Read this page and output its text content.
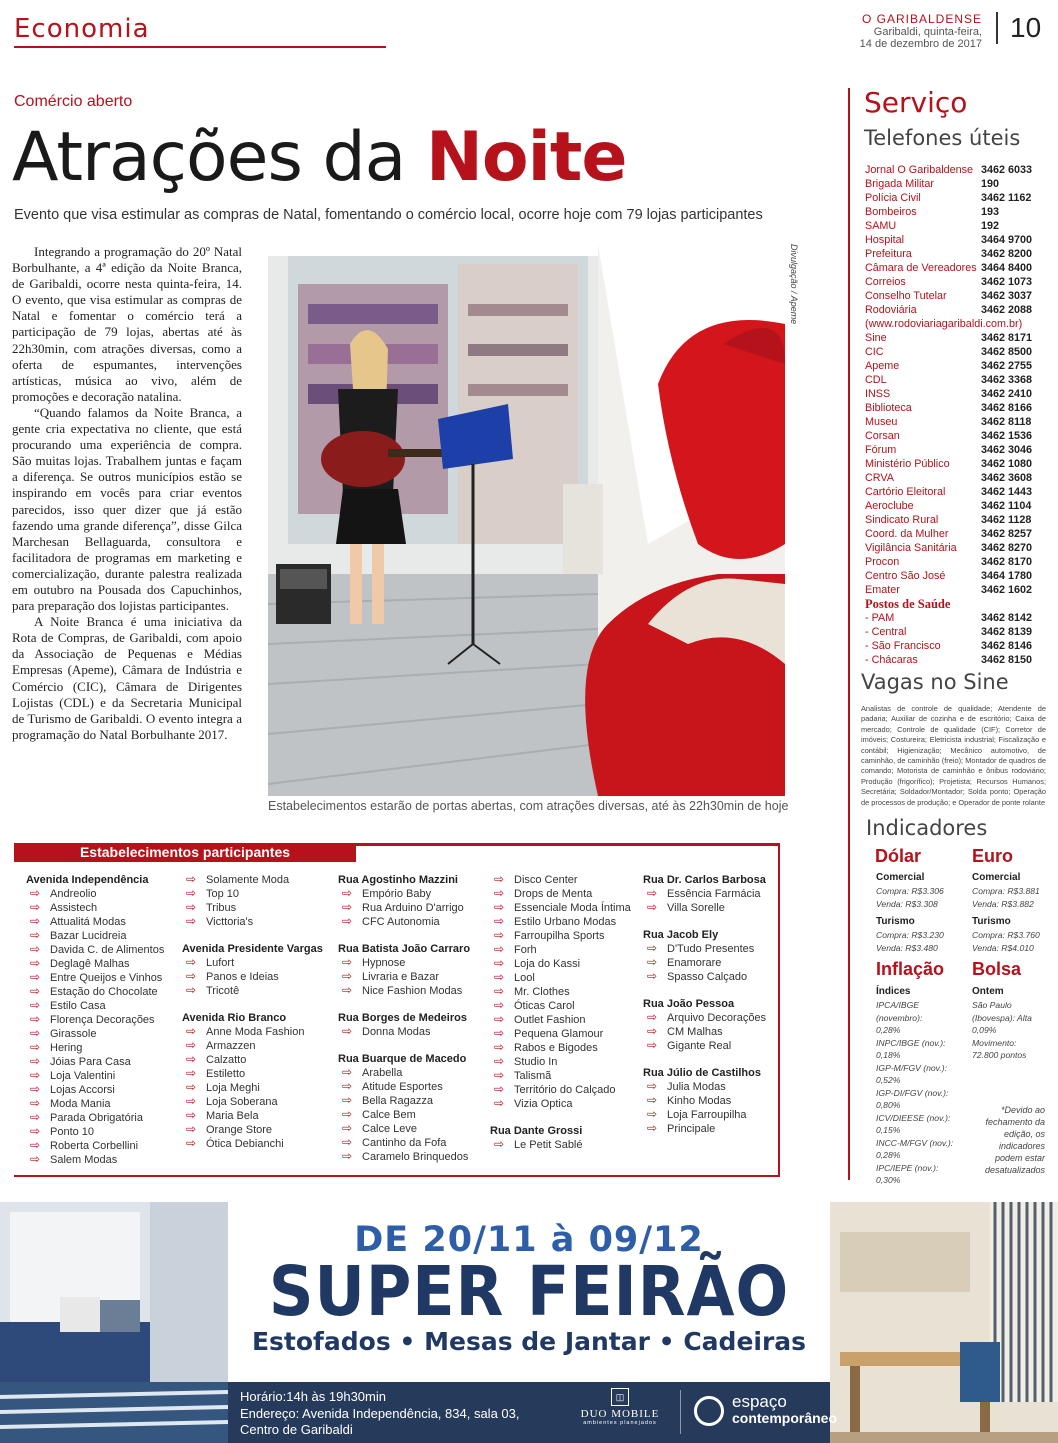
Economia	O GARIBALDENSE
Garibaldi, quinta-feira,
14 de dezembro de 2017
10
Comércio aberto
Atrações da Noite
Evento que visa estimular as compras de Natal, fomentando o comércio local, ocorre hoje com 79 lojas participantes

Integrando a programação do 20º Natal Borbulhante, a 4ª edição da Noite Branca, de Garibaldi, ocorre nesta quinta-feira, 14. O evento, que visa estimular as compras de Natal e fomentar o comércio terá a participação de 79 lojas, abertas até às 22h30min, com atrações diversas, como a oferta de espumantes, intervenções artísticas, música ao vivo, além de promoções e decoração natalina.

“Quando falamos da Noite Branca, a gente cria expectativa no cliente, que está procurando uma experiência de compra. São muitas lojas. Trabalhem juntas e façam a diferença. Se outros municípios estão se inspirando em vocês para criar eventos parecidos, isso quer dizer que já estão fazendo uma grande diferença”, disse Gilca Marchesan Bellaguarda, consultora e facilitadora de programas em marketing e comercialização, durante palestra realizada em outubro na Pousada dos Capuchinhos, para preparação dos lojistas participantes.

A Noite Branca é uma iniciativa da Rota de Compras, de Garibaldi, com apoio da Associação de Pequenas e Médias Empresas (Apeme), Câmara de Indústria e Comércio (CIC), Câmara de Dirigentes Lojistas (CDL) e da Secretaria Municipal de Turismo de Garibaldi. O evento integra a programação do Natal Borbulhante 2017.

Divulgação / Apeme
Estabelecimentos estarão de portas abertas, com atrações diversas, até às 22h30min de hoje
Estabelecimentos participantes
Avenida Independência
⇨ Andreolio
⇨ Assistech
⇨ Attualitá Modas
⇨ Bazar Lucidreia
⇨ Davida C. de Alimentos
⇨ Deglagê Malhas
⇨ Entre Queijos e Vinhos
⇨ Estação do Chocolate
⇨ Estilo Casa
⇨ Florença Decorações
⇨ Girassole
⇨ Hering
⇨ Jóias Para Casa
⇨ Loja Valentini
⇨ Lojas Accorsi
⇨ Moda Mania
⇨ Parada Obrigatória
⇨ Ponto 10
⇨ Roberta Corbellini
⇨ Salem Modas
⇨ Solamente Moda
⇨ Top 10
⇨ Tribus
⇨ Victtoria's
Avenida Presidente Vargas
⇨ Lufort
⇨ Panos e Ideias
⇨ Tricotê
Avenida Rio Branco
⇨ Anne Moda Fashion
⇨ Armazzen
⇨ Calzatto
⇨ Estiletto
⇨ Loja Meghi
⇨ Loja Soberana
⇨ Maria Bela
⇨ Orange Store
⇨ Ótica Debianchi
Rua Agostinho Mazzini
⇨ Empório Baby
⇨ Rua Arduino D'arrigo
⇨ CFC Autonomia
Rua Batista João Carraro
⇨ Hypnose
⇨ Livraria e Bazar
⇨ Nice Fashion Modas
Rua Borges de Medeiros
⇨ Donna Modas
Rua Buarque de Macedo
⇨ Arabella
⇨ Atitude Esportes
⇨ Bella Ragazza
⇨ Calce Bem
⇨ Calce Leve
⇨ Cantinho da Fofa
⇨ Caramelo Brinquedos
⇨ Disco Center
⇨ Drops de Menta
⇨ Essenciale Moda Íntima
⇨ Estilo Urbano Modas
⇨ Farroupilha Sports
⇨ Forh
⇨ Loja do Kassi
⇨ Lool
⇨ Mr. Clothes
⇨ Óticas Carol
⇨ Outlet Fashion
⇨ Pequena Glamour
⇨ Rabos e Bigodes
⇨ Studio In
⇨ Talismã
⇨ Território do Calçado
⇨ Vizia Optica
Rua Dante Grossi
⇨ Le Petit Sablé
Rua Dr. Carlos Barbosa
⇨ Essência Farmácia
⇨ Villa Sorelle
Rua Jacob Ely
⇨ D'Tudo Presentes
⇨ Enamorare
⇨ Spasso Calçado
Rua João Pessoa
⇨ Arquivo Decorações
⇨ CM Malhas
⇨ Gigante Real
Rua Júlio de Castilhos
⇨ Julia Modas
⇨ Kinho Modas
⇨ Loja Farroupilha
⇨ Principale
Serviço
Telefones úteis
Jornal O Garibaldense 3462 6033
Brigada Militar	190
Polícia Civil	3462 1162
Bombeiros	193
SAMU	192
Hospital	3464 9700
Prefeitura	3462 8200
Câmara de Vereadores 3464 8400
Correios	3462 1073
Conselho Tutelar	3462 3037
Rodoviária	3462 2088
(www.rodoviariagaribaldi.com.br)
Sine	3462 8171
CIC	3462 8500
Apeme	3462 2755
CDL	3462 3368
INSS	3462 2410
Biblioteca	3462 8166
Museu	3462 8118
Corsan	3462 1536
Fórum	3462 3046
Ministério Público	3462 1080
CRVA	3462 3608
Cartório Eleitoral	3462 1443
Aeroclube	3462 1104
Sindicato Rural	3462 1128
Coord. da Mulher	3462 8257
Vigilância Sanitária	3462 8270
Procon	3462 8170
Centro São José	3464 1780
Emater	3462 1602
Postos de Saúde
- PAM	3462 8142
- Central	3462 8139
- São Francisco	3462 8146
- Chácaras	3462 8150
Vagas no Sine
Analistas de controle de qualidade; Atendente de padaria; Auxiliar de cozinha e de escritório; Caixa de mercado; Controle de qualidade (CIF); Corretor de imóveis; Costureira; Eletricista industrial; Fiscalização e contábil; Higienização; Mecânico automotivo, de caminhão, de caminhão (freio); Montador de quadros de comando; Motorista de caminhão e ônibus rodoviário; Produção (frigorífico); Projetista; Recursos Humanos; Secretária; Soldador/Montador; Solda ponto; Operação de processos de produção; e Operador de ponte rolante
Indicadores
Dólar
Comercial
Compra: R$3.306
Venda: R$3.308
Turismo
Compra: R$3.230
Venda: R$3.480
Euro
Comercial
Compra: R$3.881
Venda: R$3.882
Turismo
Compra: R$3.760
Venda: R$4.010
Inflação
Índices
IPCA/IBGE (novembro):
0,28%
INPC/IBGE (nov.):
0,18%
IGP-M/FGV (nov.):
0,52%
IGP-DI/FGV (nov.):
0,80%
ICV/DIEESE (nov.):
0,15%
INCC-M/FGV (nov.):
0,28%
IPC/IEPE (nov.):
0,30%
Bolsa
Ontem
São Paulo (Ibovespa): Alta 0,09%
Movimento:
72.800 pontos
*Devido ao fechamento da edição, os indicadores podem estar desatualizados
DE 20/11 à 09/12
SUPER FEIRÃO
Estofados • Mesas de Jantar • Cadeiras
Horário:14h às 19h30min
Endereço: Avenida Independência, 834, sala 03,
Centro de Garibaldi
◫
DUO MOBILE
ambientes planejados
espaço
contemporâneo
